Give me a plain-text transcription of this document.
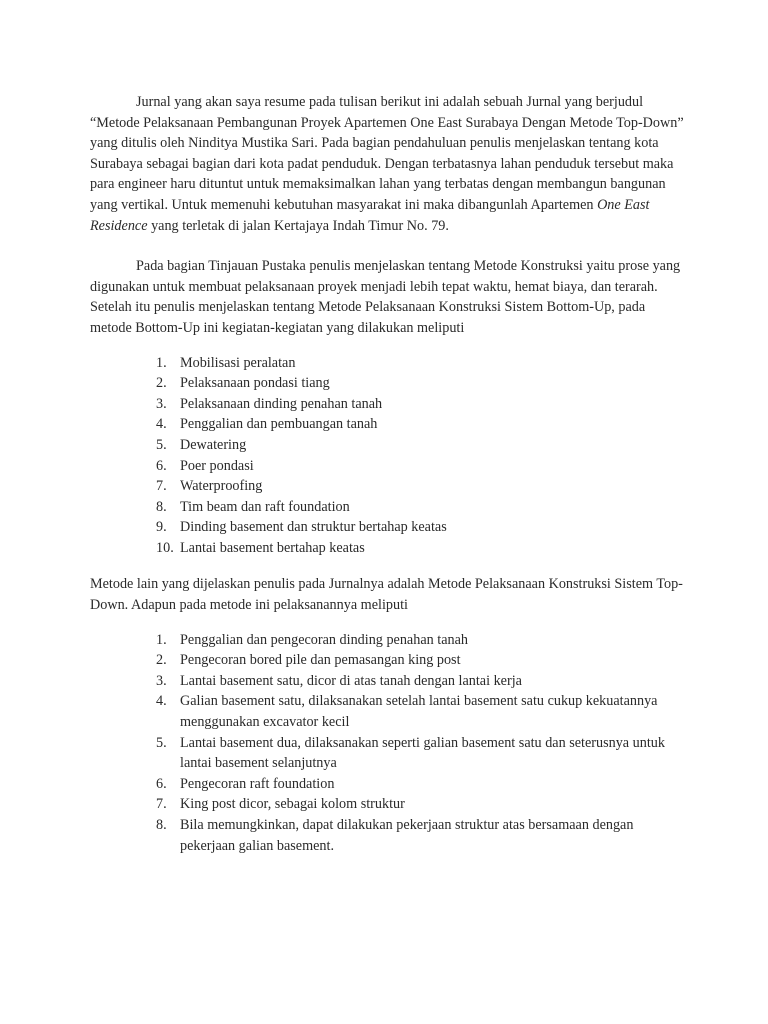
Jurnal yang akan saya resume pada tulisan berikut ini adalah sebuah Jurnal yang berjudul “Metode Pelaksanaan Pembangunan Proyek Apartemen One East Surabaya Dengan Metode Top-Down” yang ditulis oleh Ninditya Mustika Sari. Pada bagian pendahuluan penulis menjelaskan tentang kota Surabaya sebagai bagian dari kota padat penduduk. Dengan terbatasnya lahan penduduk tersebut maka para engineer haru dituntut untuk memaksimalkan lahan yang terbatas dengan membangun bangunan yang vertikal. Untuk memenuhi kebutuhan masyarakat ini maka dibangunlah Apartemen One East Residence yang terletak di jalan Kertajaya Indah Timur No. 79.

Pada bagian Tinjauan Pustaka penulis menjelaskan tentang Metode Konstruksi yaitu prose yang digunakan untuk membuat pelaksanaan proyek menjadi lebih tepat waktu, hemat biaya, dan terarah. Setelah itu penulis menjelaskan tentang Metode Pelaksanaan Konstruksi Sistem Bottom-Up, pada metode Bottom-Up ini kegiatan-kegiatan yang dilakukan meliputi

1. Mobilisasi peralatan
2. Pelaksanaan pondasi tiang
3. Pelaksanaan dinding penahan tanah
4. Penggalian dan pembuangan tanah
5. Dewatering
6. Poer pondasi
7. Waterproofing
8. Tim beam dan raft foundation
9. Dinding basement dan struktur bertahap keatas
10. Lantai basement bertahap keatas

Metode lain yang dijelaskan penulis pada Jurnalnya adalah Metode Pelaksanaan Konstruksi Sistem Top-Down. Adapun pada metode ini pelaksanannya meliputi

1. Penggalian dan pengecoran dinding penahan tanah
2. Pengecoran bored pile dan pemasangan king post
3. Lantai basement satu, dicor di atas tanah dengan lantai kerja
4. Galian basement satu, dilaksanakan setelah lantai basement satu cukup kekuatannya menggunakan excavator kecil
5. Lantai basement dua, dilaksanakan seperti galian basement satu dan seterusnya untuk lantai basement selanjutnya
6. Pengecoran raft foundation
7. King post dicor, sebagai kolom struktur
8. Bila memungkinkan, dapat dilakukan pekerjaan struktur atas bersamaan dengan pekerjaan galian basement.
